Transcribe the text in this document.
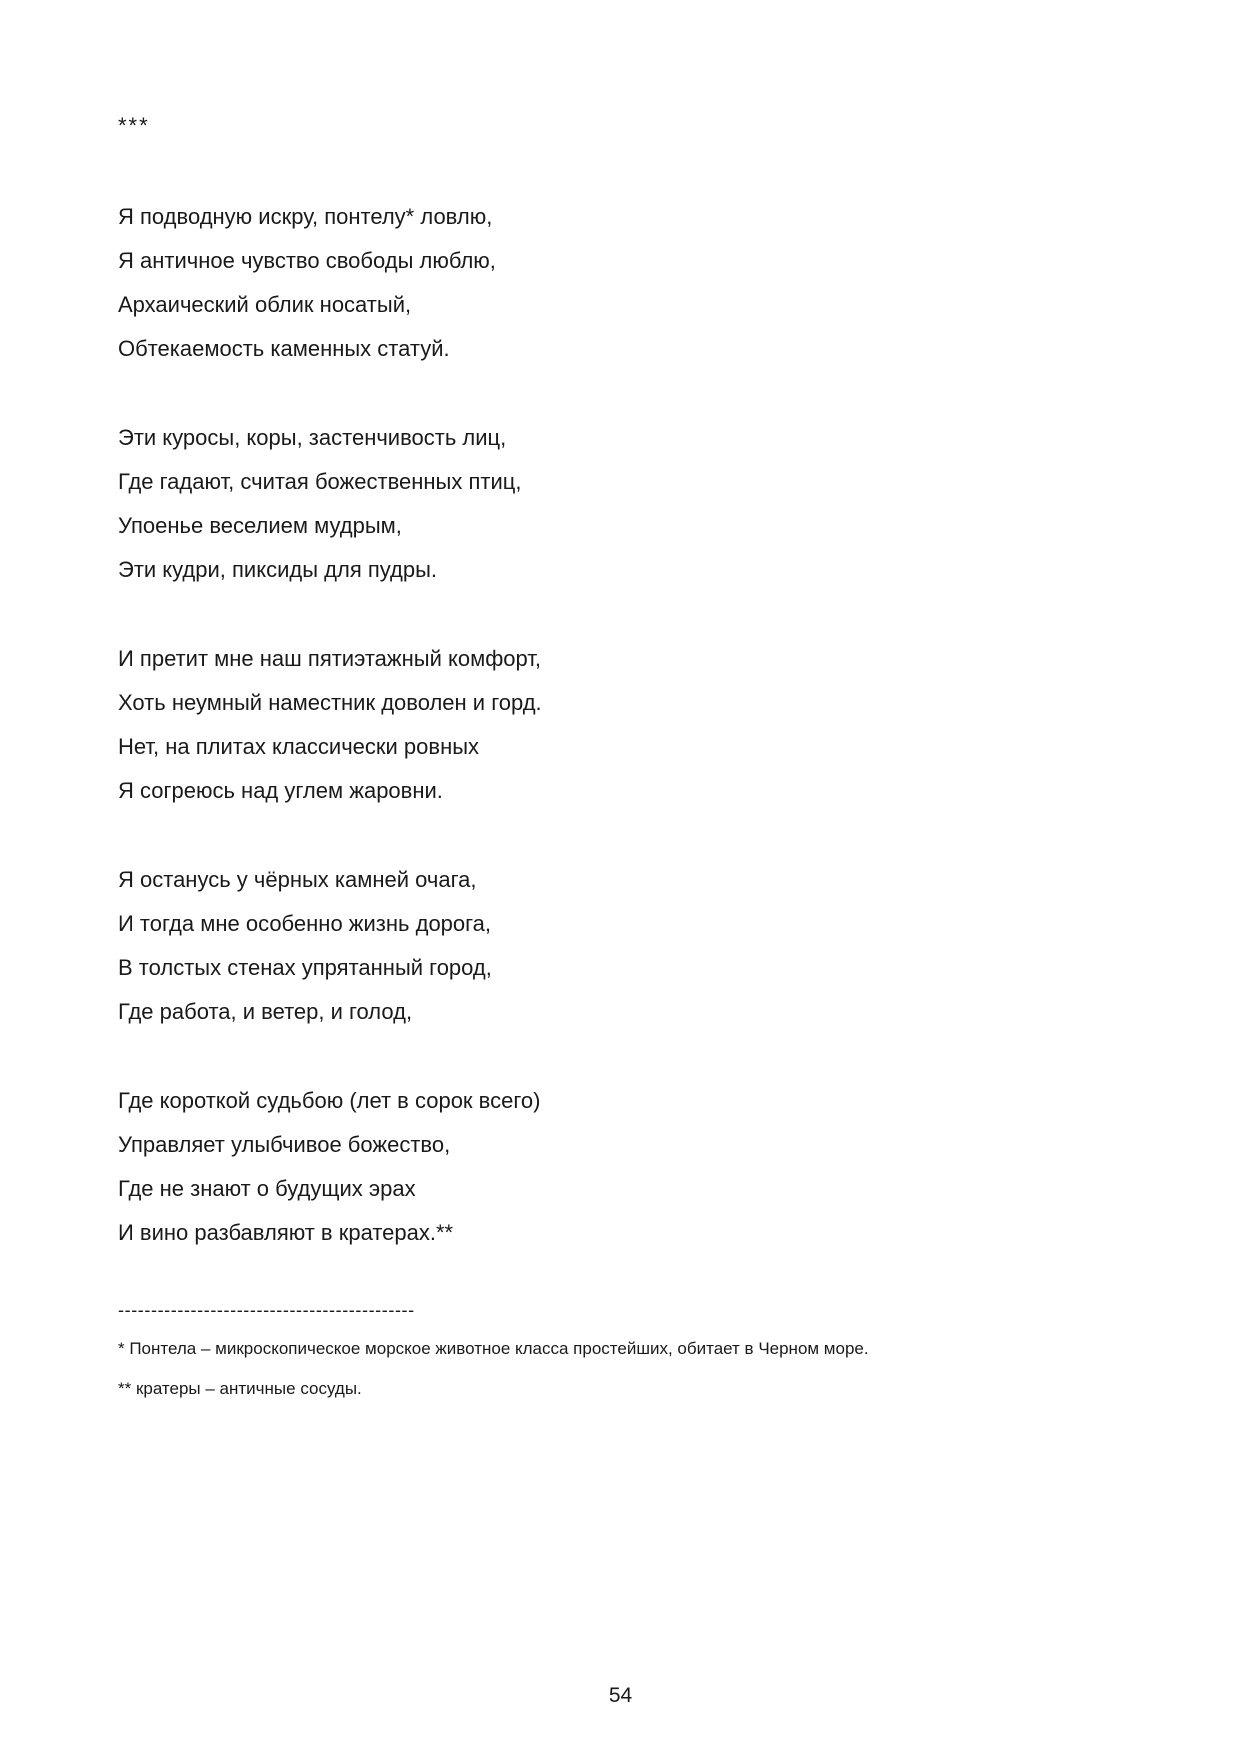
***
Я подводную искру, понтелу* ловлю,
Я античное чувство свободы люблю,
Архаический облик носатый,
Обтекаемость каменных статуй.
Эти куросы, коры, застенчивость лиц,
Где гадают, считая божественных птиц,
Упоенье веселием мудрым,
Эти кудри, пиксиды для пудры.
И претит мне наш пятиэтажный комфорт,
Хоть неумный наместник доволен и горд.
Нет, на плитах классически ровных
Я согреюсь над углем жаровни.
Я останусь у чёрных камней очага,
И тогда мне особенно жизнь дорога,
В толстых стенах упрятанный город,
Где работа, и ветер, и голод,
Где короткой судьбою (лет в сорок всего)
Управляет улыбчивое божество,
Где не знают о будущих эрах
И вино разбавляют в кратерах.**
---------------------------------------------
* Понтела – микроскопическое морское животное класса простейших, обитает в Черном море.
** кратеры – античные сосуды.
54
